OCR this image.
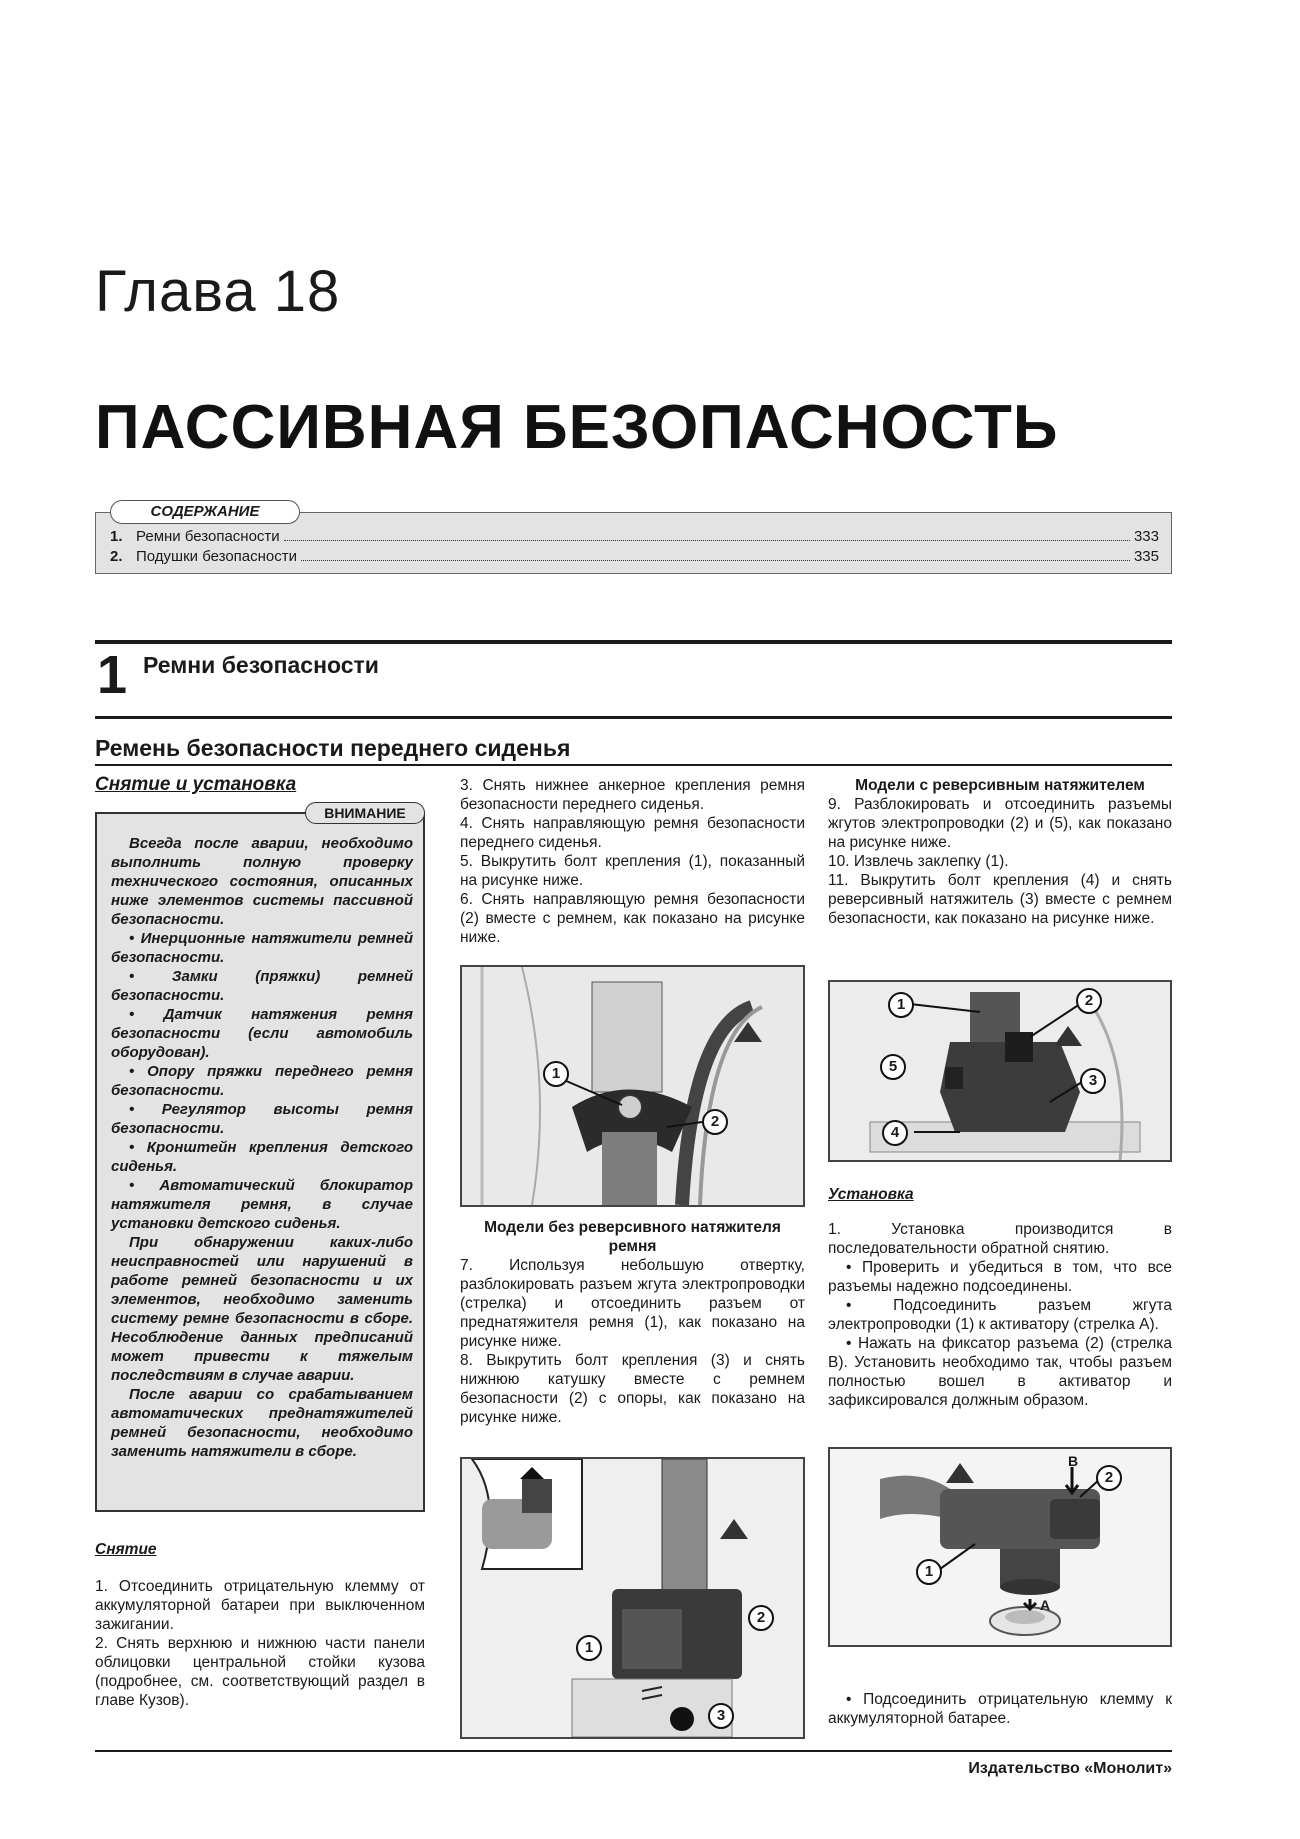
Глава 18
ПАССИВНАЯ БЕЗОПАСНОСТЬ
СОДЕРЖАНИЕ
1. Ремни безопасности	333
2. Подушки безопасности	335
1 Ремни безопасности
Ремень безопасности переднего сиденья
Снятие и установка
ВНИМАНИЕ

Всегда после аварии, необходимо выполнить полную проверку технического состояния, описанных ниже элементов системы пассивной безопасности.

• Инерционные натяжители ремней безопасности.

• Замки (пряжки) ремней безопасности.

• Датчик натяжения ремня безопасности (если автомобиль оборудован).

• Опору пряжки переднего ремня безопасности.

• Регулятор высоты ремня безопасности.

• Кронштейн крепления детского сиденья.

• Автоматический блокиратор натяжителя ремня, в случае установки детского сиденья.

При обнаружении каких-либо неисправностей или нарушений в работе ремней безопасности и их элементов, необходимо заменить систему ремне безопасности в сборе. Несоблюдение данных предписаний может привести к тяжелым последствиям в случае аварии.

После аварии со срабатыванием автоматических преднатяжителей ремней безопасности, необходимо заменить натяжители в сборе.

Снятие

1. Отсоединить отрицательную клемму от аккумуляторной батареи при выключенном зажигании.

2. Снять верхнюю и нижнюю части панели облицовки центральной стойки кузова (подробнее, см. соответствующий раздел в главе Кузов).

3. Снять нижнее анкерное крепления ремня безопасности переднего сиденья.

4. Снять направляющую ремня безопасности переднего сиденья.

5. Выкрутить болт крепления (1), показанный на рисунке ниже.

6. Снять направляющую ремня безопасности (2) вместе с ремнем, как показано на рисунке ниже.

1
2
Модели без реверсивного натяжителя ремня

7. Используя небольшую отвертку, разблокировать разъем жгута электропроводки (стрелка) и отсоединить разъем от преднатяжителя ремня (1), как показано на рисунке ниже.

8. Выкрутить болт крепления (3) и снять нижнюю катушку вместе с ремнем безопасности (2) с опоры, как показано на рисунке ниже.

1
2
3
Модели с реверсивным натяжителем

9. Разблокировать и отсоединить разъемы жгутов электропроводки (2) и (5), как показано на рисунке ниже.

10. Извлечь заклепку (1).

11. Выкрутить болт крепления (4) и снять реверсивный натяжитель (3) вместе с ремнем безопасности, как показано на рисунке ниже.

1	2
3
4
5
Установка

1. Установка производится в последовательности обратной снятию.

• Проверить и убедиться в том, что все разъемы надежно подсоединены.

• Подсоединить разъем жгута электропроводки (1) к активатору (стрелка A).

• Нажать на фиксатор разъема (2) (стрелка B). Установить необходимо так, чтобы разъем полностью вошел в активатор и зафиксировался должным образом.

B
A
1
2

• Подсоединить отрицательную клемму к аккумуляторной батарее.

Издательство «Монолит»
